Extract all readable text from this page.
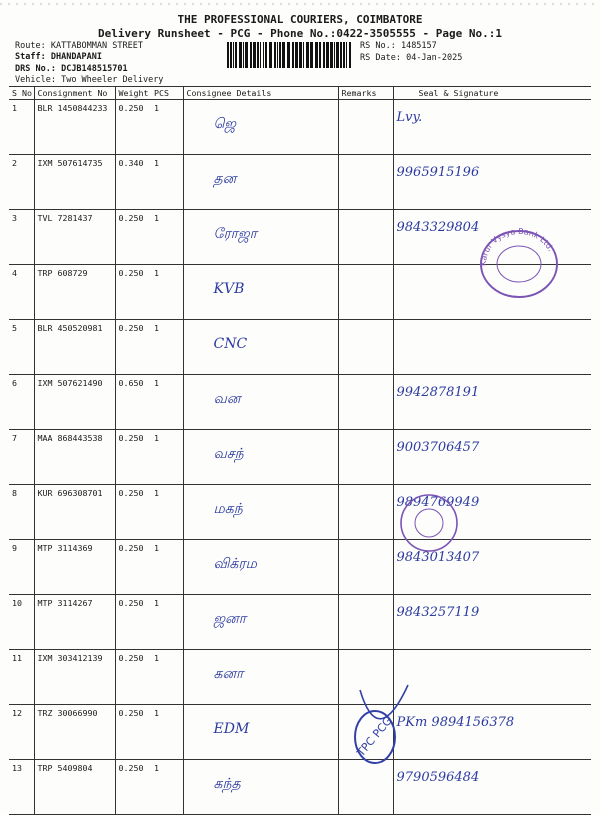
THE PROFESSIONAL COURIERS, COIMBATORE
Delivery Runsheet - PCG - Phone No.:0422-3505555 - Page No.:1
Route: KATTABOMMAN STREET
Staff: DHANDAPANI
DRS No.: DCJB148515701
Vehicle: Two Wheeler Delivery
RS No.: 1485157
RS Date: 04-Jan-2025
S No	Consignment No	Weight	PCS	Consignee Details	Remarks	Seal & Signature
1	BLR 1450844233	0.250	1	ஜெ		Lvy.
2	IXM 507614735	0.340	1	தன		9965915196
3	TVL 7281437	0.250	1	ரோஜா		9843329804
4	TRP 608729	0.250	1	KVB		
5	BLR 450520981	0.250	1	CNC		
6	IXM 507621490	0.650	1	வன		9942878191
7	MAA 868443538	0.250	1	வசந்		9003706457
8	KUR 696308701	0.250	1	மகந்		9894769949
9	MTP 3114369	0.250	1	விக்ரம		9843013407
10	MTP 3114267	0.250	1	ஜனா		9843257119
11	IXM 303412139	0.250	1	கனா		
12	TRZ 30066990	0.250	1	EDM		PKm 9894156378
13	TRP 5409804	0.250	1	கந்த		9790596484
Karur Vysya Bank Ltd.
TPC PCG
